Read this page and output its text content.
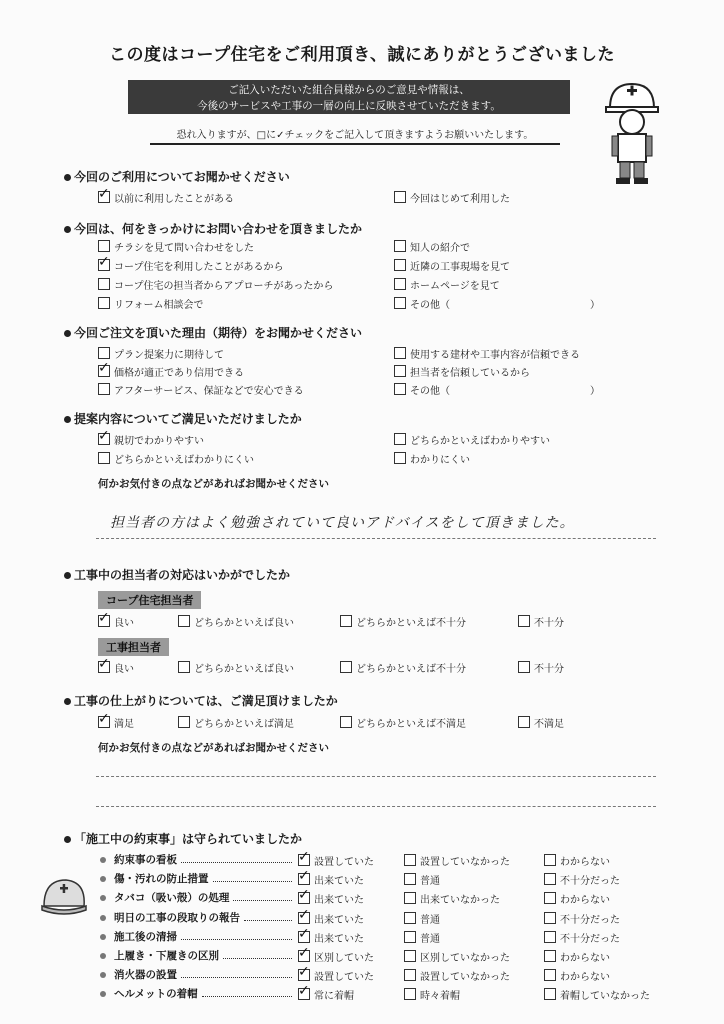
この度はコープ住宅をご利用頂き、誠にありがとうございました
ご記入いただいた組合員様からのご意見や情報は、
今後のサービスや工事の一層の向上に反映させていただきます。
恐れ入りますが、□に✓チェックをご記入して頂きますようお願いいたします。
今回のご利用についてお聞かせください
✓以前に利用したことがある	今回はじめて利用した
今回は、何をきっかけにお問い合わせを頂きましたか
チラシを見て問い合わせをした	知人の紹介で
✓コープ住宅を利用したことがあるから	近隣の工事現場を見て
コープ住宅の担当者からアプローチがあったから	ホームページを見て
リフォーム相談会で	その他（　　　　　　　　　　　　　　）
今回ご注文を頂いた理由（期待）をお聞かせください
プラン提案力に期待して	使用する建材や工事内容が信頼できる
✓価格が適正であり信用できる	担当者を信頼しているから
アフターサービス、保証などで安心できる	その他（　　　　　　　　　　　　　　）
提案内容についてご満足いただけましたか
✓親切でわかりやすい	どちらかといえばわかりやすい
どちらかといえばわかりにくい	わかりにくい
何かお気付きの点などがあればお聞かせください
担当者の方はよく勉強されていて良いアドバイスをして頂きました。
工事中の担当者の対応はいかがでしたか
コープ住宅担当者
✓良い	どちらかといえば良い	どちらかといえば不十分	不十分
工事担当者
✓良い	どちらかといえば良い	どちらかといえば不十分	不十分
工事の仕上がりについては、ご満足頂けましたか
✓満足	どちらかといえば満足	どちらかといえば不満足	不満足
何かお気付きの点などがあればお聞かせください
「施工中の約束事」は守られていましたか
約束事の看板 ✓	設置していた	設置していなかった	わからない
傷・汚れの防止措置 ✓	出来ていた	普通	不十分だった
タバコ（吸い殻）の処理 ✓	出来ていた	出来ていなかった	わからない
明日の工事の段取りの報告 ✓	出来ていた	普通	不十分だった
施工後の清掃 ✓	出来ていた	普通	不十分だった
上履き・下履きの区別 ✓	区別していた	区別していなかった	わからない
消火器の設置 ✓	設置していた	設置していなかった	わからない
ヘルメットの着帽 ✓	常に着帽	時々着帽	着帽していなかった
